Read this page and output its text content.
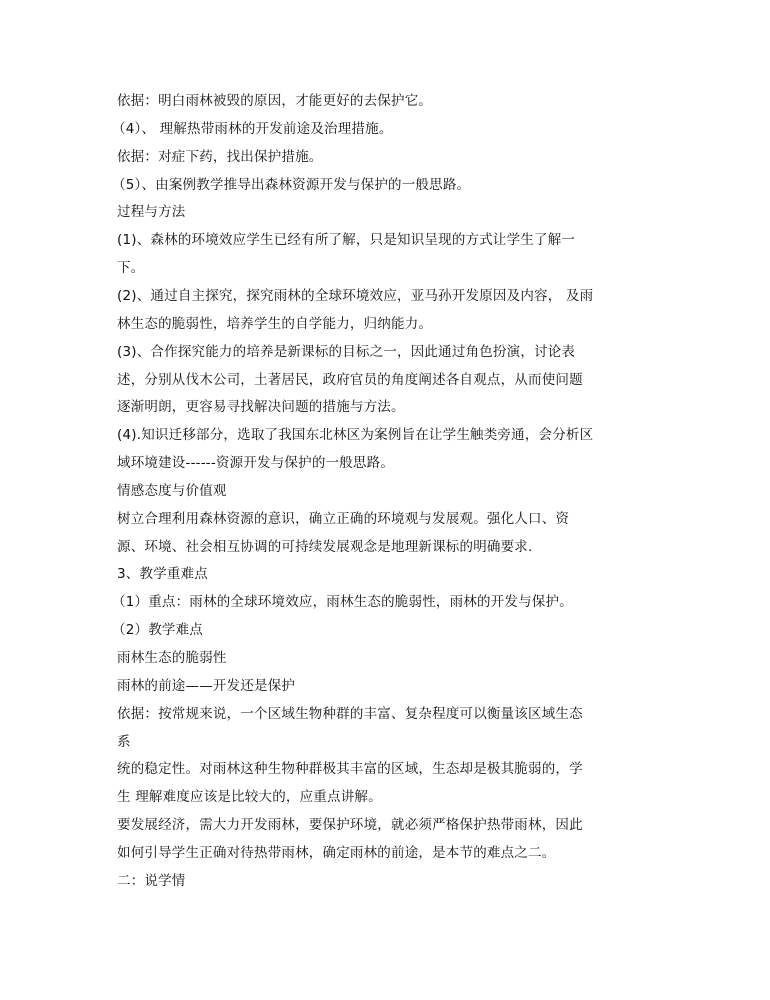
依据：明白雨林被毁的原因，才能更好的去保护它。
（4）、 理解热带雨林的开发前途及治理措施。
依据：对症下药，找出保护措施。
（5）、由案例教学推导出森林资源开发与保护的一般思路。
过程与方法
(1)、森林的环境效应学生已经有所了解，只是知识呈现的方式让学生了解一
下。
(2)、通过自主探究，探究雨林的全球环境效应，亚马孙开发原因及内容， 及雨
林生态的脆弱性，培养学生的自学能力，归纳能力。
(3)、合作探究能力的培养是新课标的目标之一，因此通过角色扮演，讨论表
述，分别从伐木公司，土著居民，政府官员的角度阐述各自观点，从而使问题
逐渐明朗，更容易寻找解决问题的措施与方法。
(4).知识迁移部分，选取了我国东北林区为案例旨在让学生触类旁通，会分析区
域环境建设------资源开发与保护的一般思路。
情感态度与价值观
树立合理利用森林资源的意识，确立正确的环境观与发展观。强化人口、资
源、环境、社会相互协调的可持续发展观念是地理新课标的明确要求.
3、教学重难点
（1）重点：雨林的全球环境效应，雨林生态的脆弱性，雨林的开发与保护。
（2）教学难点
雨林生态的脆弱性
雨林的前途——开发还是保护
依据：按常规来说，一个区域生物种群的丰富、复杂程度可以衡量该区域生态
系
统的稳定性。对雨林这种生物种群极其丰富的区域，生态却是极其脆弱的，学
生 理解难度应该是比较大的，应重点讲解。
要发展经济，需大力开发雨林，要保护环境，就必须严格保护热带雨林，因此
如何引导学生正确对待热带雨林，确定雨林的前途，是本节的难点之二。
二：说学情
